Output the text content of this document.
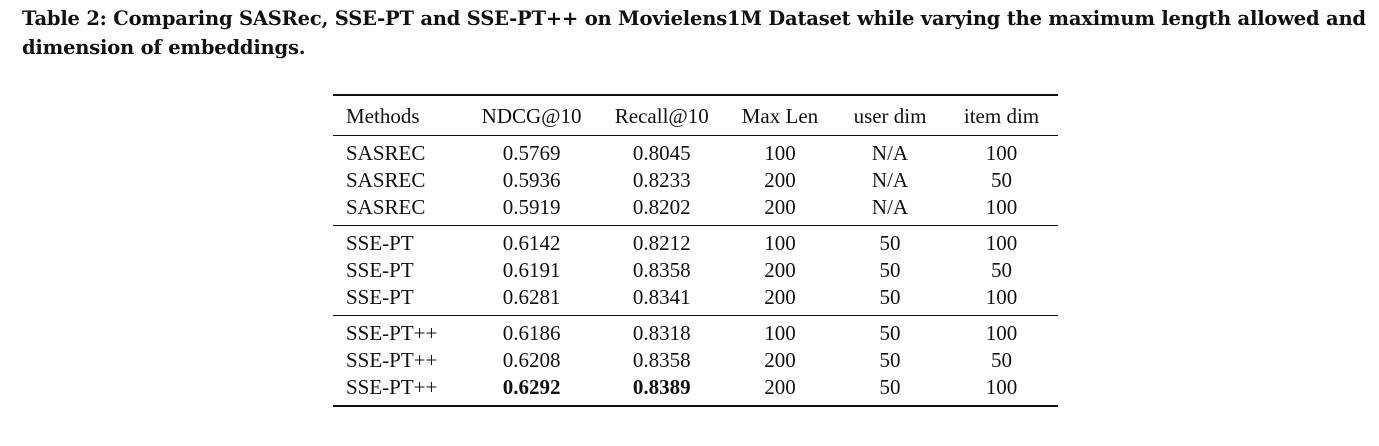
Table 2: Comparing SASRec, SSE-PT and SSE-PT++ on Movielens1M Dataset while varying the maximum length allowed and
dimension of embeddings.

Methods	NDCG@10	Recall@10	Max Len	user dim	item dim
SASREC	0.5769	0.8045	100	N/A	100
SASREC	0.5936	0.8233	200	N/A	50
SASREC	0.5919	0.8202	200	N/A	100
SSE-PT	0.6142	0.8212	100	50	100
SSE-PT	0.6191	0.8358	200	50	50
SSE-PT	0.6281	0.8341	200	50	100
SSE-PT++	0.6186	0.8318	100	50	100
SSE-PT++	0.6208	0.8358	200	50	50
SSE-PT++	0.6292	0.8389	200	50	100
